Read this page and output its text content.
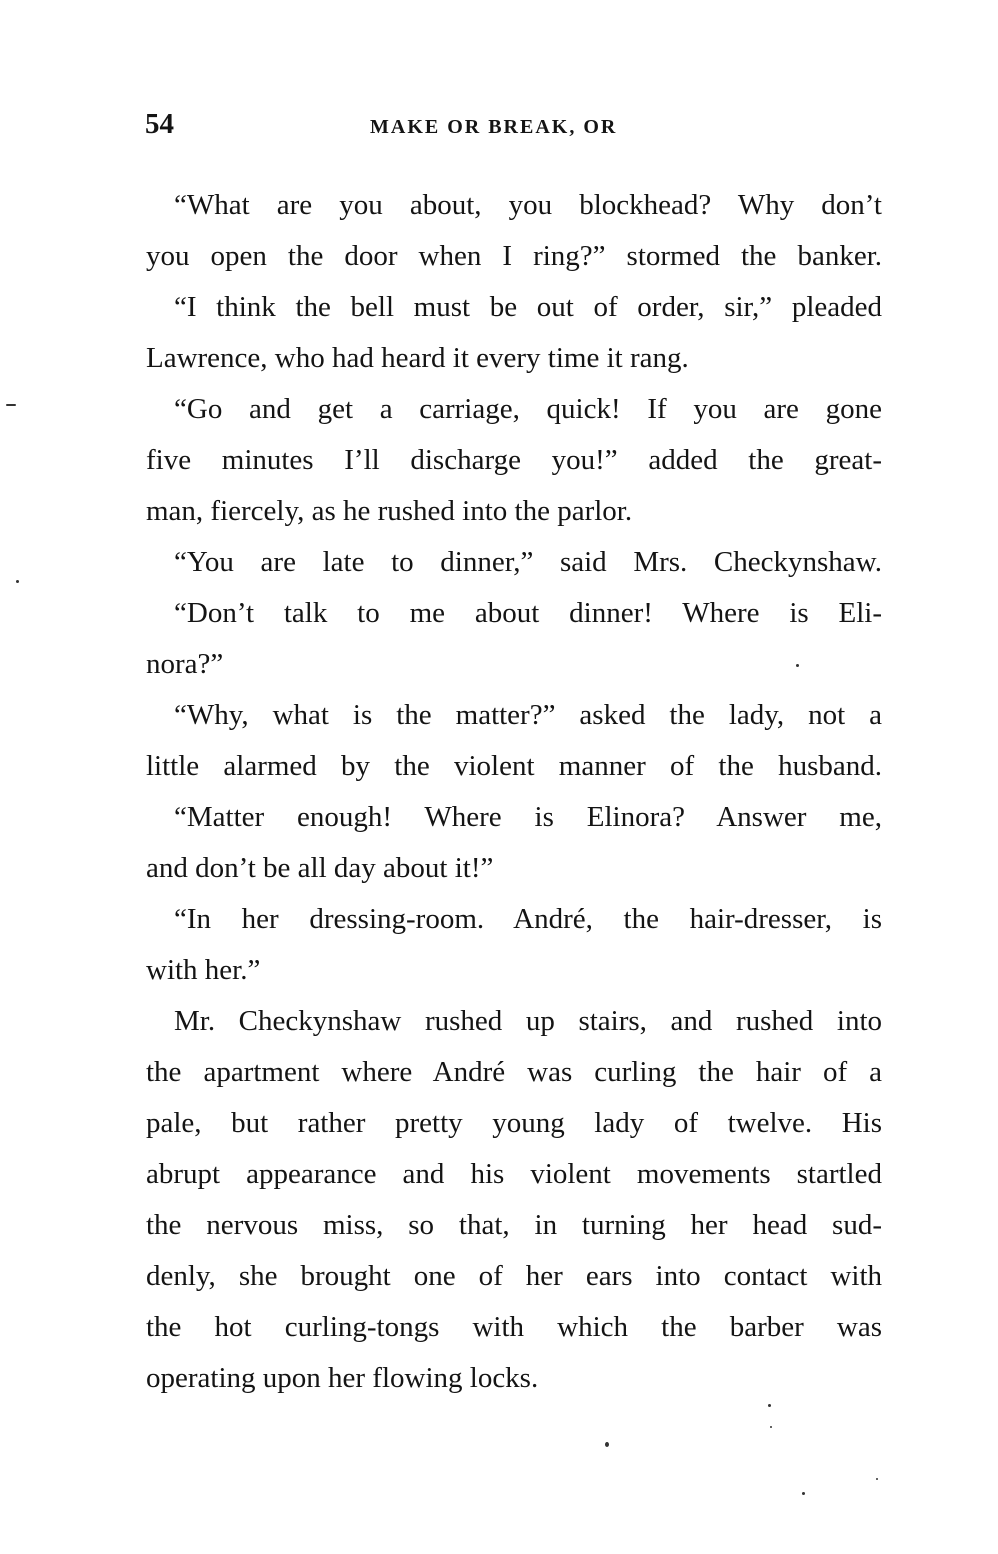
54	MAKE OR BREAK, OR
“What are you about, you blockhead? Why don’t
you open the door when I ring?” stormed the banker.
“I think the bell must be out of order, sir,” pleaded
Lawrence, who had heard it every time it rang.
“Go and get a carriage, quick! If you are gone
five minutes I’ll discharge you!” added the great-
man, fiercely, as he rushed into the parlor.
“You are late to dinner,” said Mrs. Checkynshaw.
“Don’t talk to me about dinner! Where is Eli-
nora?”
“Why, what is the matter?” asked the lady, not a
little alarmed by the violent manner of the husband.
“Matter enough! Where is Elinora? Answer me,
and don’t be all day about it!”
“In her dressing-room. André, the hair-dresser, is
with her.”
Mr. Checkynshaw rushed up stairs, and rushed into
the apartment where André was curling the hair of a
pale, but rather pretty young lady of twelve. His
abrupt appearance and his violent movements startled
the nervous miss, so that, in turning her head sud-
denly, she brought one of her ears into contact with
the hot curling-tongs with which the barber was
operating upon her flowing locks.
